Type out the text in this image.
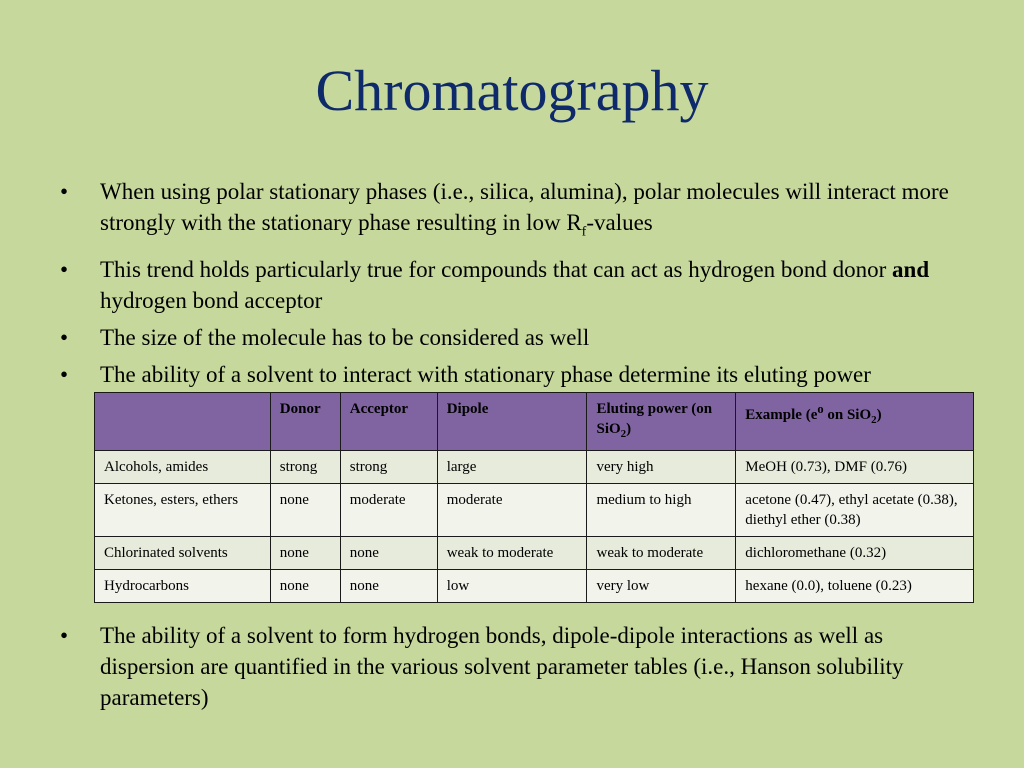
Chromatography
• When using polar stationary phases (i.e., silica, alumina), polar molecules will interact more strongly with the stationary phase resulting in low $R_f$-values
• This trend holds particularly true for compounds that can act as hydrogen bond donor and hydrogen bond acceptor
• The size of the molecule has to be considered as well
• The ability of a solvent to interact with stationary phase determine its eluting power
	Donor	Acceptor	Dipole	Eluting power (on SiO$_2$)	Example ($e^o$ on SiO$_2$)
Alcohols, amides	strong	strong	large	very high	MeOH (0.73), DMF (0.76)
Ketones, esters, ethers	none	moderate	moderate	medium to high	acetone (0.47), ethyl acetate (0.38), diethyl ether (0.38)
Chlorinated solvents	none	none	weak to moderate	weak to moderate	dichloromethane (0.32)
Hydrocarbons	none	none	low	very low	hexane (0.0), toluene (0.23)
• The ability of a solvent to form hydrogen bonds, dipole-dipole interactions as well as dispersion are quantified in the various solvent parameter tables (i.e., Hanson solubility parameters)
